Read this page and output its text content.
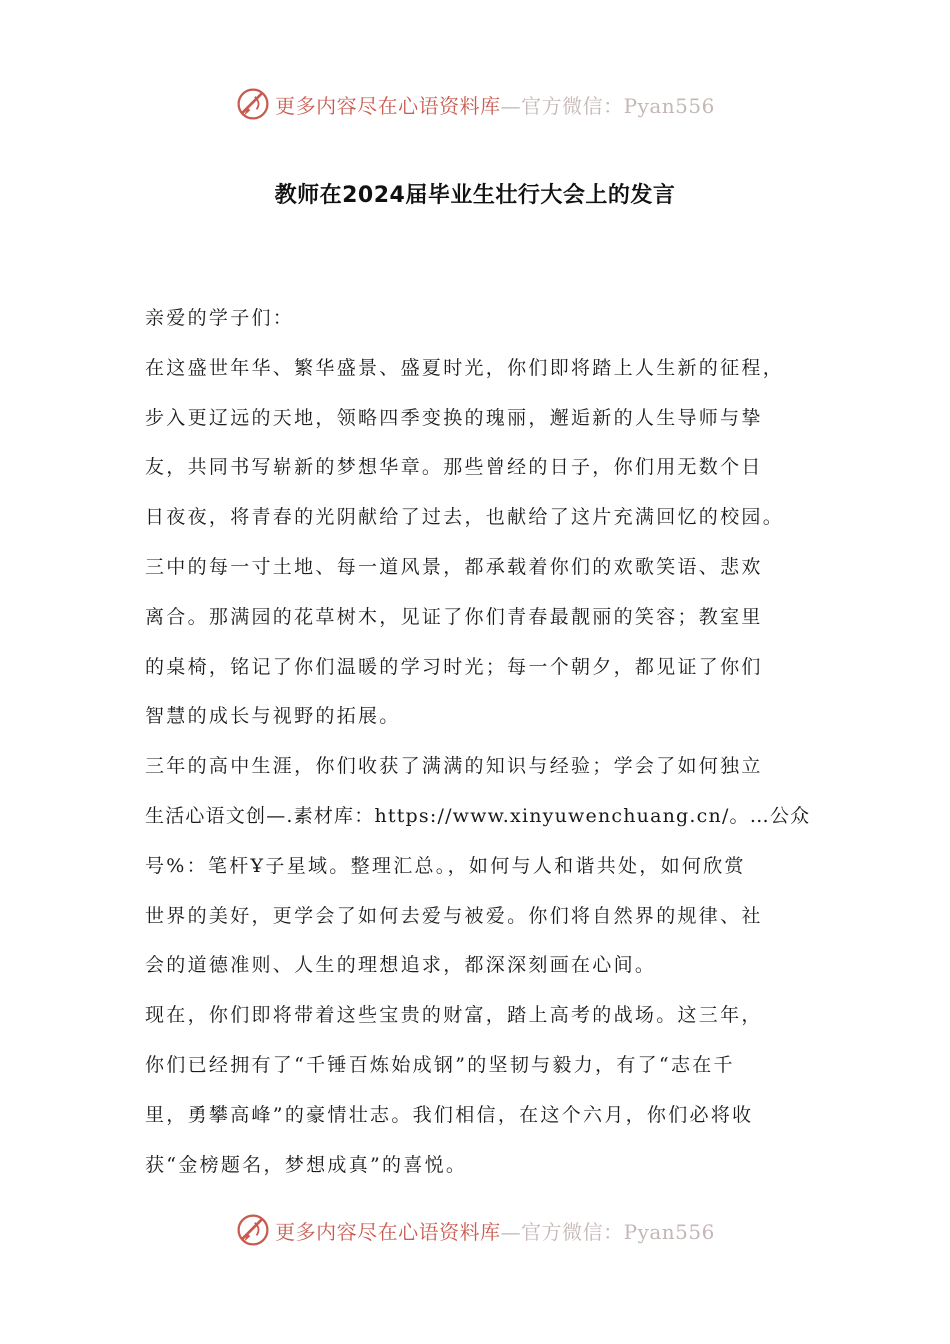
更多内容尽在心语资料库—官方微信：Pyan556
教师在2024届毕业生壮行大会上的发言
亲爱的学子们：
在这盛世年华、繁华盛景、盛夏时光，你们即将踏上人生新的征程，
步入更辽远的天地，领略四季变换的瑰丽，邂逅新的人生导师与挚
友，共同书写崭新的梦想华章。那些曾经的日子，你们用无数个日
日夜夜，将青春的光阴献给了过去，也献给了这片充满回忆的校园。
三中的每一寸土地、每一道风景，都承载着你们的欢歌笑语、悲欢
离合。那满园的花草树木，见证了你们青春最靓丽的笑容；教室里
的桌椅，铭记了你们温暖的学习时光；每一个朝夕，都见证了你们
智慧的成长与视野的拓展。
三年的高中生涯，你们收获了满满的知识与经验；学会了如何独立
生活心语文创—.素材库：https://www.xinyuwenchuang.cn/。…公众
号%：笔杆Ұ子星域。整理汇总。，如何与人和谐共处，如何欣赏
世界的美好，更学会了如何去爱与被爱。你们将自然界的规律、社
会的道德准则、人生的理想追求，都深深刻画在心间。
现在，你们即将带着这些宝贵的财富，踏上高考的战场。这三年，
你们已经拥有了“千锤百炼始成钢”的坚韧与毅力，有了“志在千
里，勇攀高峰”的豪情壮志。我们相信，在这个六月，你们必将收
获“金榜题名，梦想成真”的喜悦。
更多内容尽在心语资料库—官方微信：Pyan556
